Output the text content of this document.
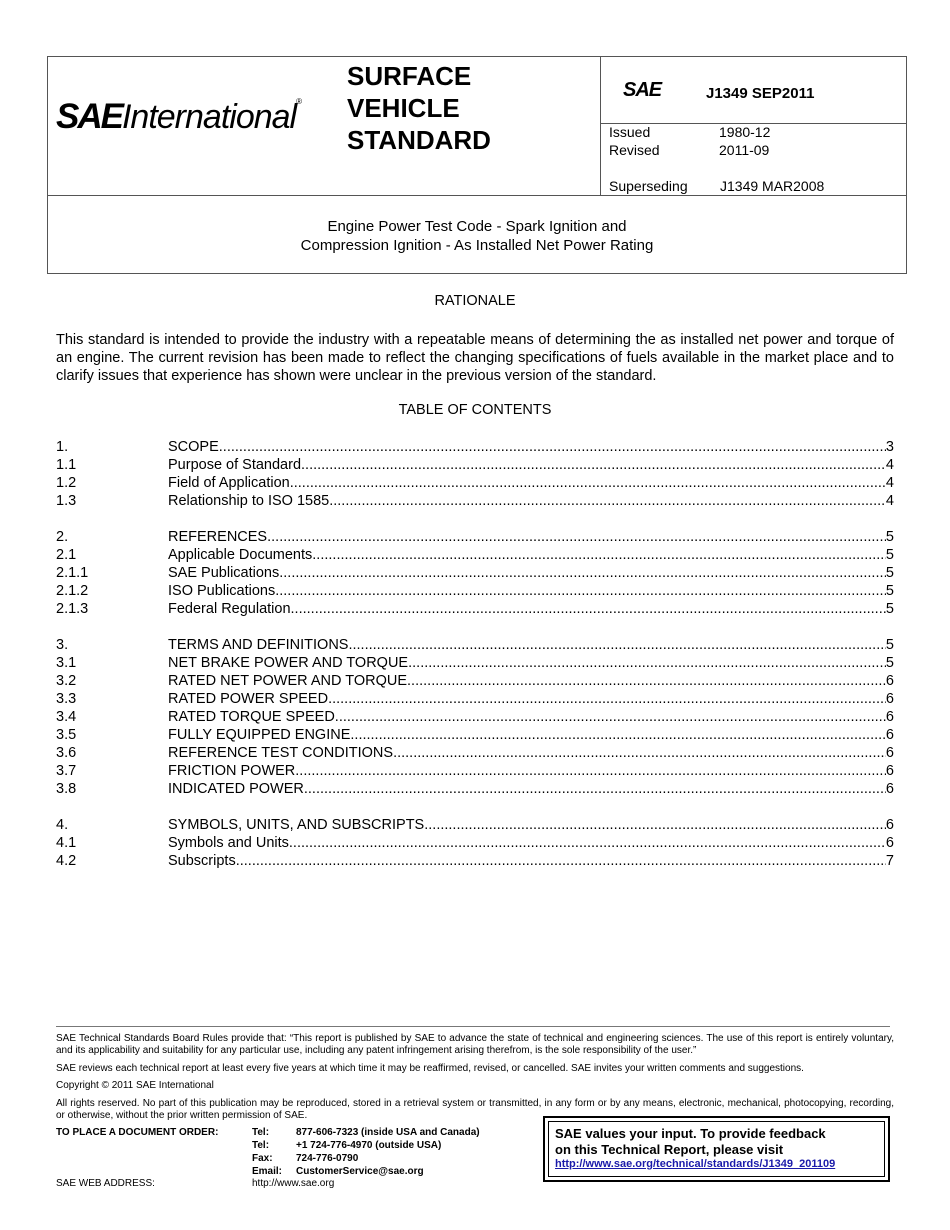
SAEInternational®
SURFACE
VEHICLE
STANDARD
SAE	J1349 SEP2011
Issued	1980-12
Revised	2011-09
Superseding J1349 MAR2008
Engine Power Test Code - Spark Ignition and
Compression Ignition - As Installed Net Power Rating
RATIONALE
This standard is intended to provide the industry with a repeatable means of determining the as installed net power and torque of an engine. The current revision has been made to reflect the changing specifications of fuels available in the market place and to clarify issues that experience has shown were unclear in the previous version of the standard.
TABLE OF CONTENTS
1.	SCOPE .....	3
1.1	Purpose of Standard .....	4
1.2	Field of Application .....	4
1.3	Relationship to ISO 1585 .....	4
2.	REFERENCES .....	5
2.1	Applicable Documents .....	5
2.1.1	SAE Publications .....	5
2.1.2	ISO Publications .....	5
2.1.3	Federal Regulation .....	5
3.	TERMS AND DEFINITIONS .....	5
3.1	NET BRAKE POWER AND TORQUE .....	5
3.2	RATED NET POWER AND TORQUE .....	6
3.3	RATED POWER SPEED .....	6
3.4	RATED TORQUE SPEED .....	6
3.5	FULLY EQUIPPED ENGINE .....	6
3.6	REFERENCE TEST CONDITIONS .....	6
3.7	FRICTION POWER .....	6
3.8	INDICATED POWER .....	6
4.	SYMBOLS, UNITS, AND SUBSCRIPTS .....	6
4.1	Symbols and Units .....	6
4.2	Subscripts .....	7
SAE Technical Standards Board Rules provide that: “This report is published by SAE to advance the state of technical and engineering sciences. The use of this report is entirely voluntary, and its applicability and suitability for any particular use, including any patent infringement arising therefrom, is the sole responsibility of the user.”
SAE reviews each technical report at least every five years at which time it may be reaffirmed, revised, or cancelled. SAE invites your written comments and suggestions.
Copyright © 2011 SAE International
All rights reserved. No part of this publication may be reproduced, stored in a retrieval system or transmitted, in any form or by any means, electronic, mechanical, photocopying, recording, or otherwise, without the prior written permission of SAE.
TO PLACE A DOCUMENT ORDER:
SAE WEB ADDRESS:
Tel:	877-606-7323 (inside USA and Canada)
Tel:	+1 724-776-4970 (outside USA)
Fax: 724-776-0790
Email: CustomerService@sae.org
http://www.sae.org
SAE values your input. To provide feedback
on this Technical Report, please visit
http://www.sae.org/technical/standards/J1349_201109
